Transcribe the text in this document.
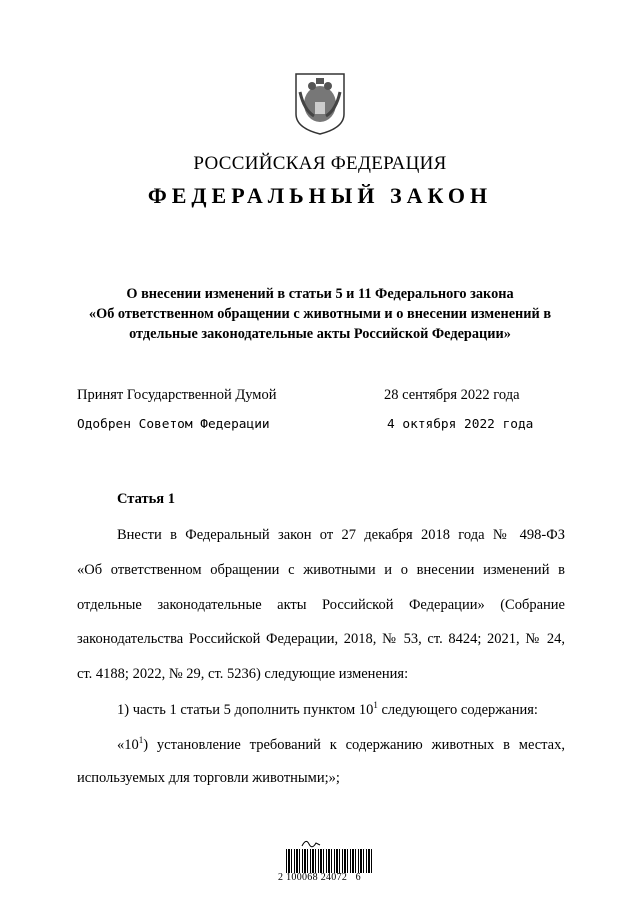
РОССИЙСКАЯ ФЕДЕРАЦИЯ
ФЕДЕРАЛЬНЫЙ ЗАКОН
О внесении изменений в статьи 5 и 11 Федерального закона
«Об ответственном обращении с животными и о внесении изменений в
отдельные законодательные акты Российской Федерации»
Принят Государственной Думой	28 сентября 2022 года
Одобрен Советом Федерации	4 октября 2022 года
Статья 1
Внести в Федеральный закон от 27 декабря 2018 года № 498-ФЗ
«Об ответственном обращении с животными и о внесении изменений в
отдельные законодательные акты Российской Федерации» (Собрание
законодательства Российской Федерации, 2018, № 53, ст. 8424; 2021, № 24,
ст. 4188; 2022, № 29, ст. 5236) следующие изменения:
1) часть 1 статьи 5 дополнить пунктом $10^1$ следующего содержания:
«$10^1$) установление требований к содержанию животных в местах,
используемых для торговли животными;»;
2 100068 24072   6
